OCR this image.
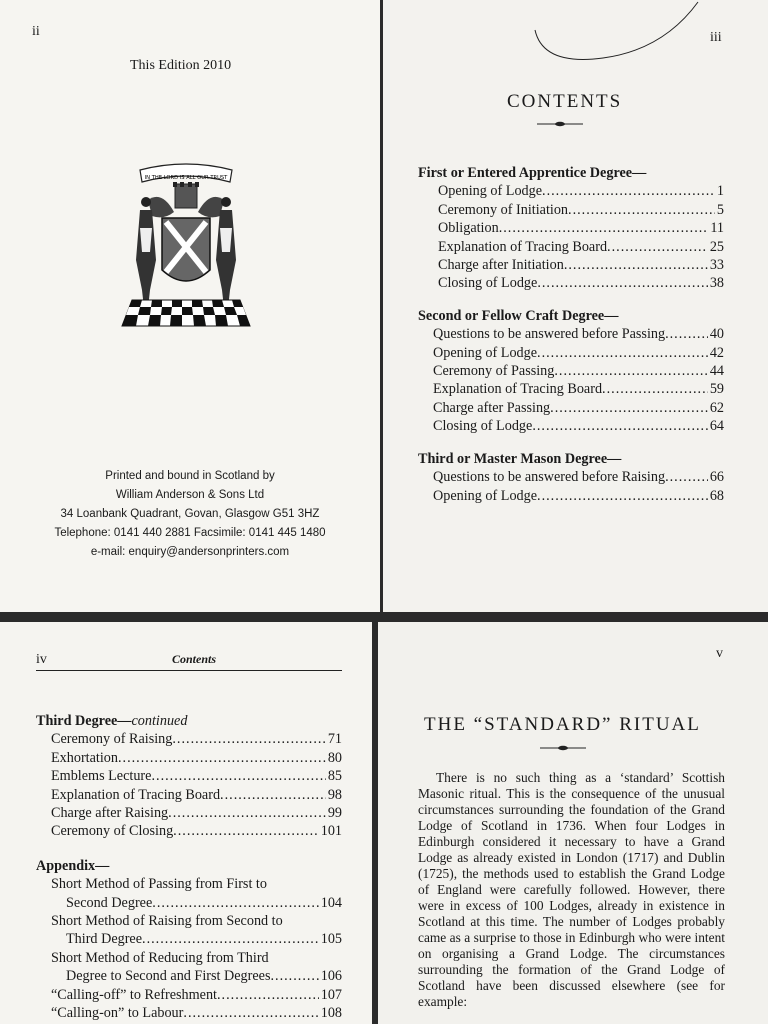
ii
This Edition 2010
IN THE LORD IS ALL OUR TRUST
Printed and bound in Scotland by
William Anderson & Sons Ltd
34 Loanbank Quadrant, Govan, Glasgow G51 3HZ
Telephone: 0141 440 2881 Facsimile: 0141 445 1480
e-mail: enquiry@andersonprinters.com
iii
CONTENTS
First or Entered Apprentice Degree—
Opening of Lodge .....	1
Ceremony of Initiation .....	5
Obligation .....	11
Explanation of Tracing Board .....	25
Charge after Initiation .....	33
Closing of Lodge .....	38
Second or Fellow Craft Degree—
Questions to be answered before Passing .....	40
Opening of Lodge .....	42
Ceremony of Passing .....	44
Explanation of Tracing Board .....	59
Charge after Passing .....	62
Closing of Lodge .....	64
Third or Master Mason Degree—
Questions to be answered before Raising .....	66
Opening of Lodge .....	68
iv
Third Degree—continued
Ceremony of Raising .....	71
Exhortation .....	80
Emblems Lecture .....	85
Explanation of Tracing Board .....	98
Charge after Raising .....	99
Ceremony of Closing .....	101
Appendix—
Short Method of Passing from First to
Second Degree .....	104
Short Method of Raising from Second to
Third Degree .....	105
Short Method of Reducing from Third
Degree to Second and First Degrees .....	106
“Calling-off” to Refreshment .....	107
“Calling-on” to Labour .....	108
Contents	v
THE “STANDARD” RITUAL

There is no such thing as a ‘standard’ Scottish Masonic ritual. This is the consequence of the unusual circumstances surrounding the foundation of the Grand Lodge of Scotland in 1736. When four Lodges in Edinburgh considered it necessary to have a Grand Lodge as already existed in London (1717) and Dublin (1725), the methods used to establish the Grand Lodge of England were carefully followed. However, there were in excess of 100 Lodges, already in existence in Scotland at this time. The number of Lodges probably came as a surprise to those in Edinburgh who were intent on organising a Grand Lodge. The circumstances surrounding the formation of the Grand Lodge of Scotland have been discussed elsewhere (see for example:
